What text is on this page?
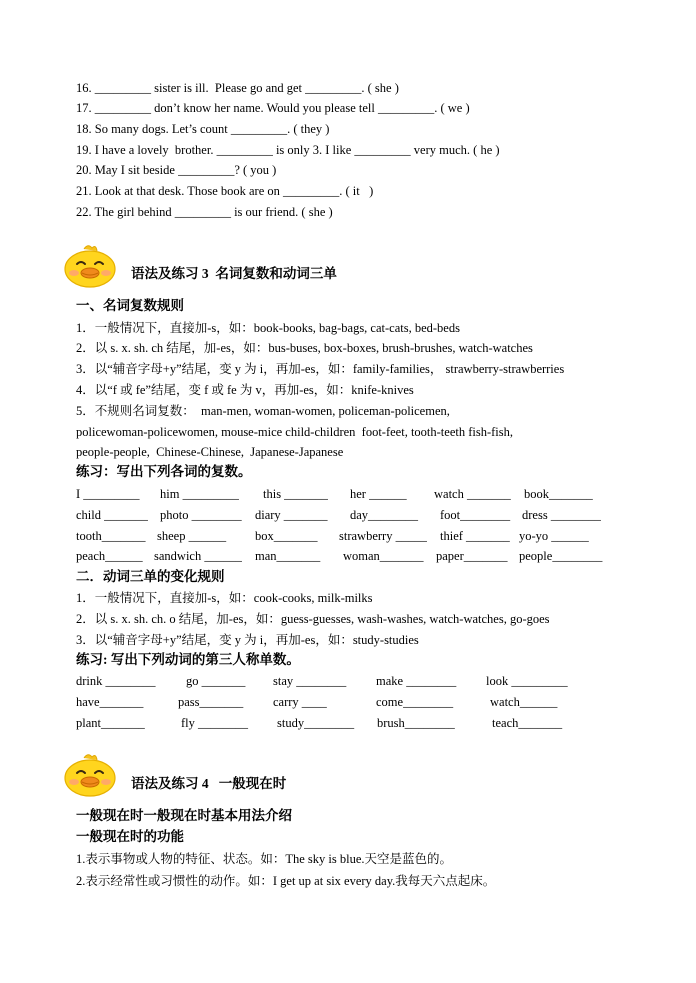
16. _________ sister is ill.  Please go and get _________. ( she )
17. _________ don’t know her name. Would you please tell _________. ( we )
18. So many dogs. Let’s count _________. ( they )
19. I have a lovely  brother. _________ is only 3. I like _________ very much. ( he )
20. May I sit beside _________? ( you )
21. Look at that desk. Those book are on _________. ( it   )
22. The girl behind _________ is our friend. ( she )
语法及练习 3  名词复数和动词三单
一、名词复数规则
1．一般情况下，直接加-s，如：book-books, bag-bags, cat-cats, bed-beds
2．以 s. x. sh. ch 结尾，加-es，如：bus-buses, box-boxes, brush-brushes, watch-watches
3．以“辅音字母+y”结尾，变 y 为 i，再加-es，如：family-families， strawberry-strawberries
4．以“f 或 fe”结尾，变 f 或 fe 为 v，再加-es，如：knife-knives
5．不规则名词复数：  man-men, woman-women, policeman-policemen,
policewoman-policewomen, mouse-mice child-children  foot-feet, tooth-teeth fish-fish,
people-people,  Chinese-Chinese,  Japanese-Japanese
练习：写出下列各词的复数。
I _________ him _________ this _______ her ______ watch _______ book_______
child _______ photo ________ diary _______ day________ foot________ dress ________
tooth_______ sheep ______ box_______ strawberry _____ thief _______ yo-yo ______
peach______ sandwich ______ man_______ woman_______ paper_______ people________
二．动词三单的变化规则
1．一般情况下，直接加-s，如：cook-cooks, milk-milks
2．以 s. x. sh. ch. o 结尾，加-es，如：guess-guesses, wash-washes, watch-watches, go-goes
3．以“辅音字母+y”结尾，变 y 为 i，再加-es，如：study-studies
练习: 写出下列动词的第三人称单数。
drink ________ go _______ stay ________ make ________ look _________
have_______	pass_______ carry ____	come________	watch______
plant_______	fly ________ study________ brush________	teach_______
语法及练习 4   一般现在时
一般现在时一般现在时基本用法介绍
一般现在时的功能
1.表示事物或人物的特征、状态。如：The sky is blue.天空是蓝色的。
2.表示经常性或习惯性的动作。如：I get up at six every day.我每天六点起床。
